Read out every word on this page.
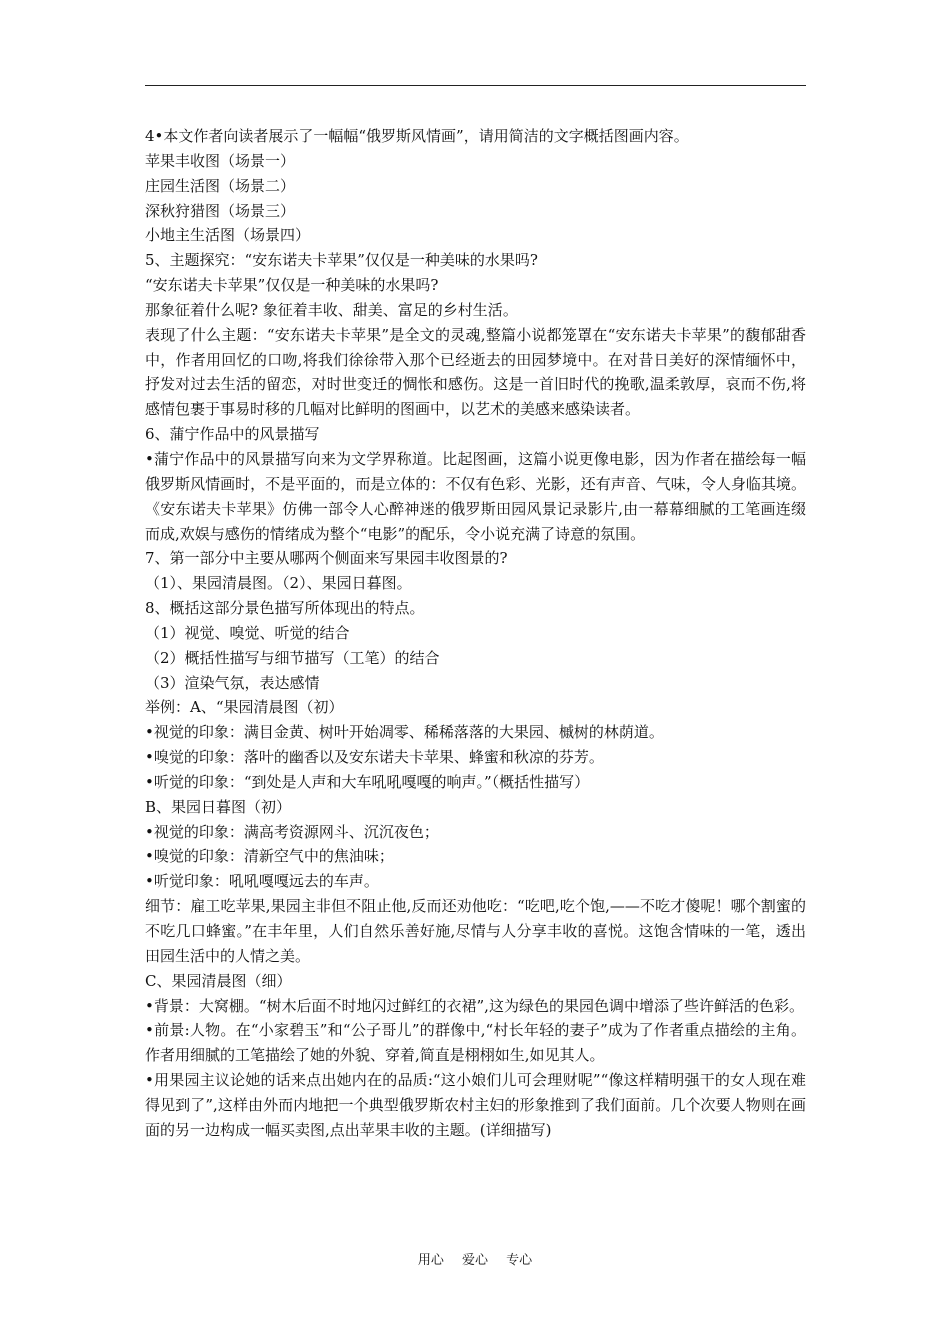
4•本文作者向读者展示了一幅幅“俄罗斯风情画”，请用简洁的文字概括图画内容。

苹果丰收图（场景一）

庄园生活图（场景二）

深秋狩猎图（场景三）

小地主生活图（场景四）

5、主题探究：“安东诺夫卡苹果”仅仅是一种美味的水果吗?

“安东诺夫卡苹果”仅仅是一种美味的水果吗?

那象征着什么呢? 象征着丰收、甜美、富足的乡村生活。

表现了什么主题：“安东诺夫卡苹果”是全文的灵魂,整篇小说都笼罩在“安东诺夫卡苹果”的馥郁甜香中，作者用回忆的口吻,将我们徐徐带入那个已经逝去的田园梦境中。在对昔日美好的深情缅怀中，抒发对过去生活的留恋，对时世变迁的惆怅和感伤。这是一首旧时代的挽歌,温柔敦厚，哀而不伤,将感情包裹于事易时移的几幅对比鲜明的图画中，以艺术的美感来感染读者。

6、蒲宁作品中的风景描写

•蒲宁作品中的风景描写向来为文学界称道。比起图画，这篇小说更像电影，因为作者在描绘每一幅俄罗斯风情画时，不是平面的，而是立体的：不仅有色彩、光影，还有声音、气味，令人身临其境。《安东诺夫卡苹果》仿佛一部令人心醉神迷的俄罗斯田园风景记录影片,由一幕幕细腻的工笔画连缀而成,欢娱与感伤的情绪成为整个“电影”的配乐，令小说充满了诗意的氛围。

7、第一部分中主要从哪两个侧面来写果园丰收图景的?

（1）、果园清晨图。（2）、果园日暮图。

8、概括这部分景色描写所体现出的特点。

（1）视觉、嗅觉、听觉的结合

（2）概括性描写与细节描写（工笔）的结合

（3）渲染气氛，表达感情

举例：A、“果园清晨图（初）

•视觉的印象：满目金黄、树叶开始凋零、稀稀落落的大果园、槭树的林荫道。

•嗅觉的印象：落叶的幽香以及安东诺夫卡苹果、蜂蜜和秋凉的芬芳。

•听觉的印象：“到处是人声和大车吼吼嘎嘎的响声。”（概括性描写）

B、果园日暮图（初）

•视觉的印象：满高考资源网斗、沉沉夜色；

•嗅觉的印象：清新空气中的焦油味；

•听觉印象：吼吼嘎嘎远去的车声。

细节：雇工吃苹果,果园主非但不阻止他,反而还劝他吃：“吃吧,吃个饱,——不吃才傻呢！哪个割蜜的不吃几口蜂蜜。”在丰年里，人们自然乐善好施,尽情与人分享丰收的喜悦。这饱含情味的一笔，透出田园生活中的人情之美。

C、果园清晨图（细）

•背景：大窝棚。“树木后面不时地闪过鲜红的衣裙”,这为绿色的果园色调中增添了些许鲜活的色彩。

•前景:人物。在“小家碧玉”和“公子哥儿”的群像中,“村长年轻的妻子”成为了作者重点描绘的主角。作者用细腻的工笔描绘了她的外貌、穿着,简直是栩栩如生,如见其人。

•用果园主议论她的话来点出她内在的品质:“这小娘们儿可会理财呢”“像这样精明强干的女人现在难得见到了”,这样由外而内地把一个典型俄罗斯农村主妇的形象推到了我们面前。几个次要人物则在画面的另一边构成一幅买卖图,点出苹果丰收的主题。(详细描写)

用心 爱心 专心
